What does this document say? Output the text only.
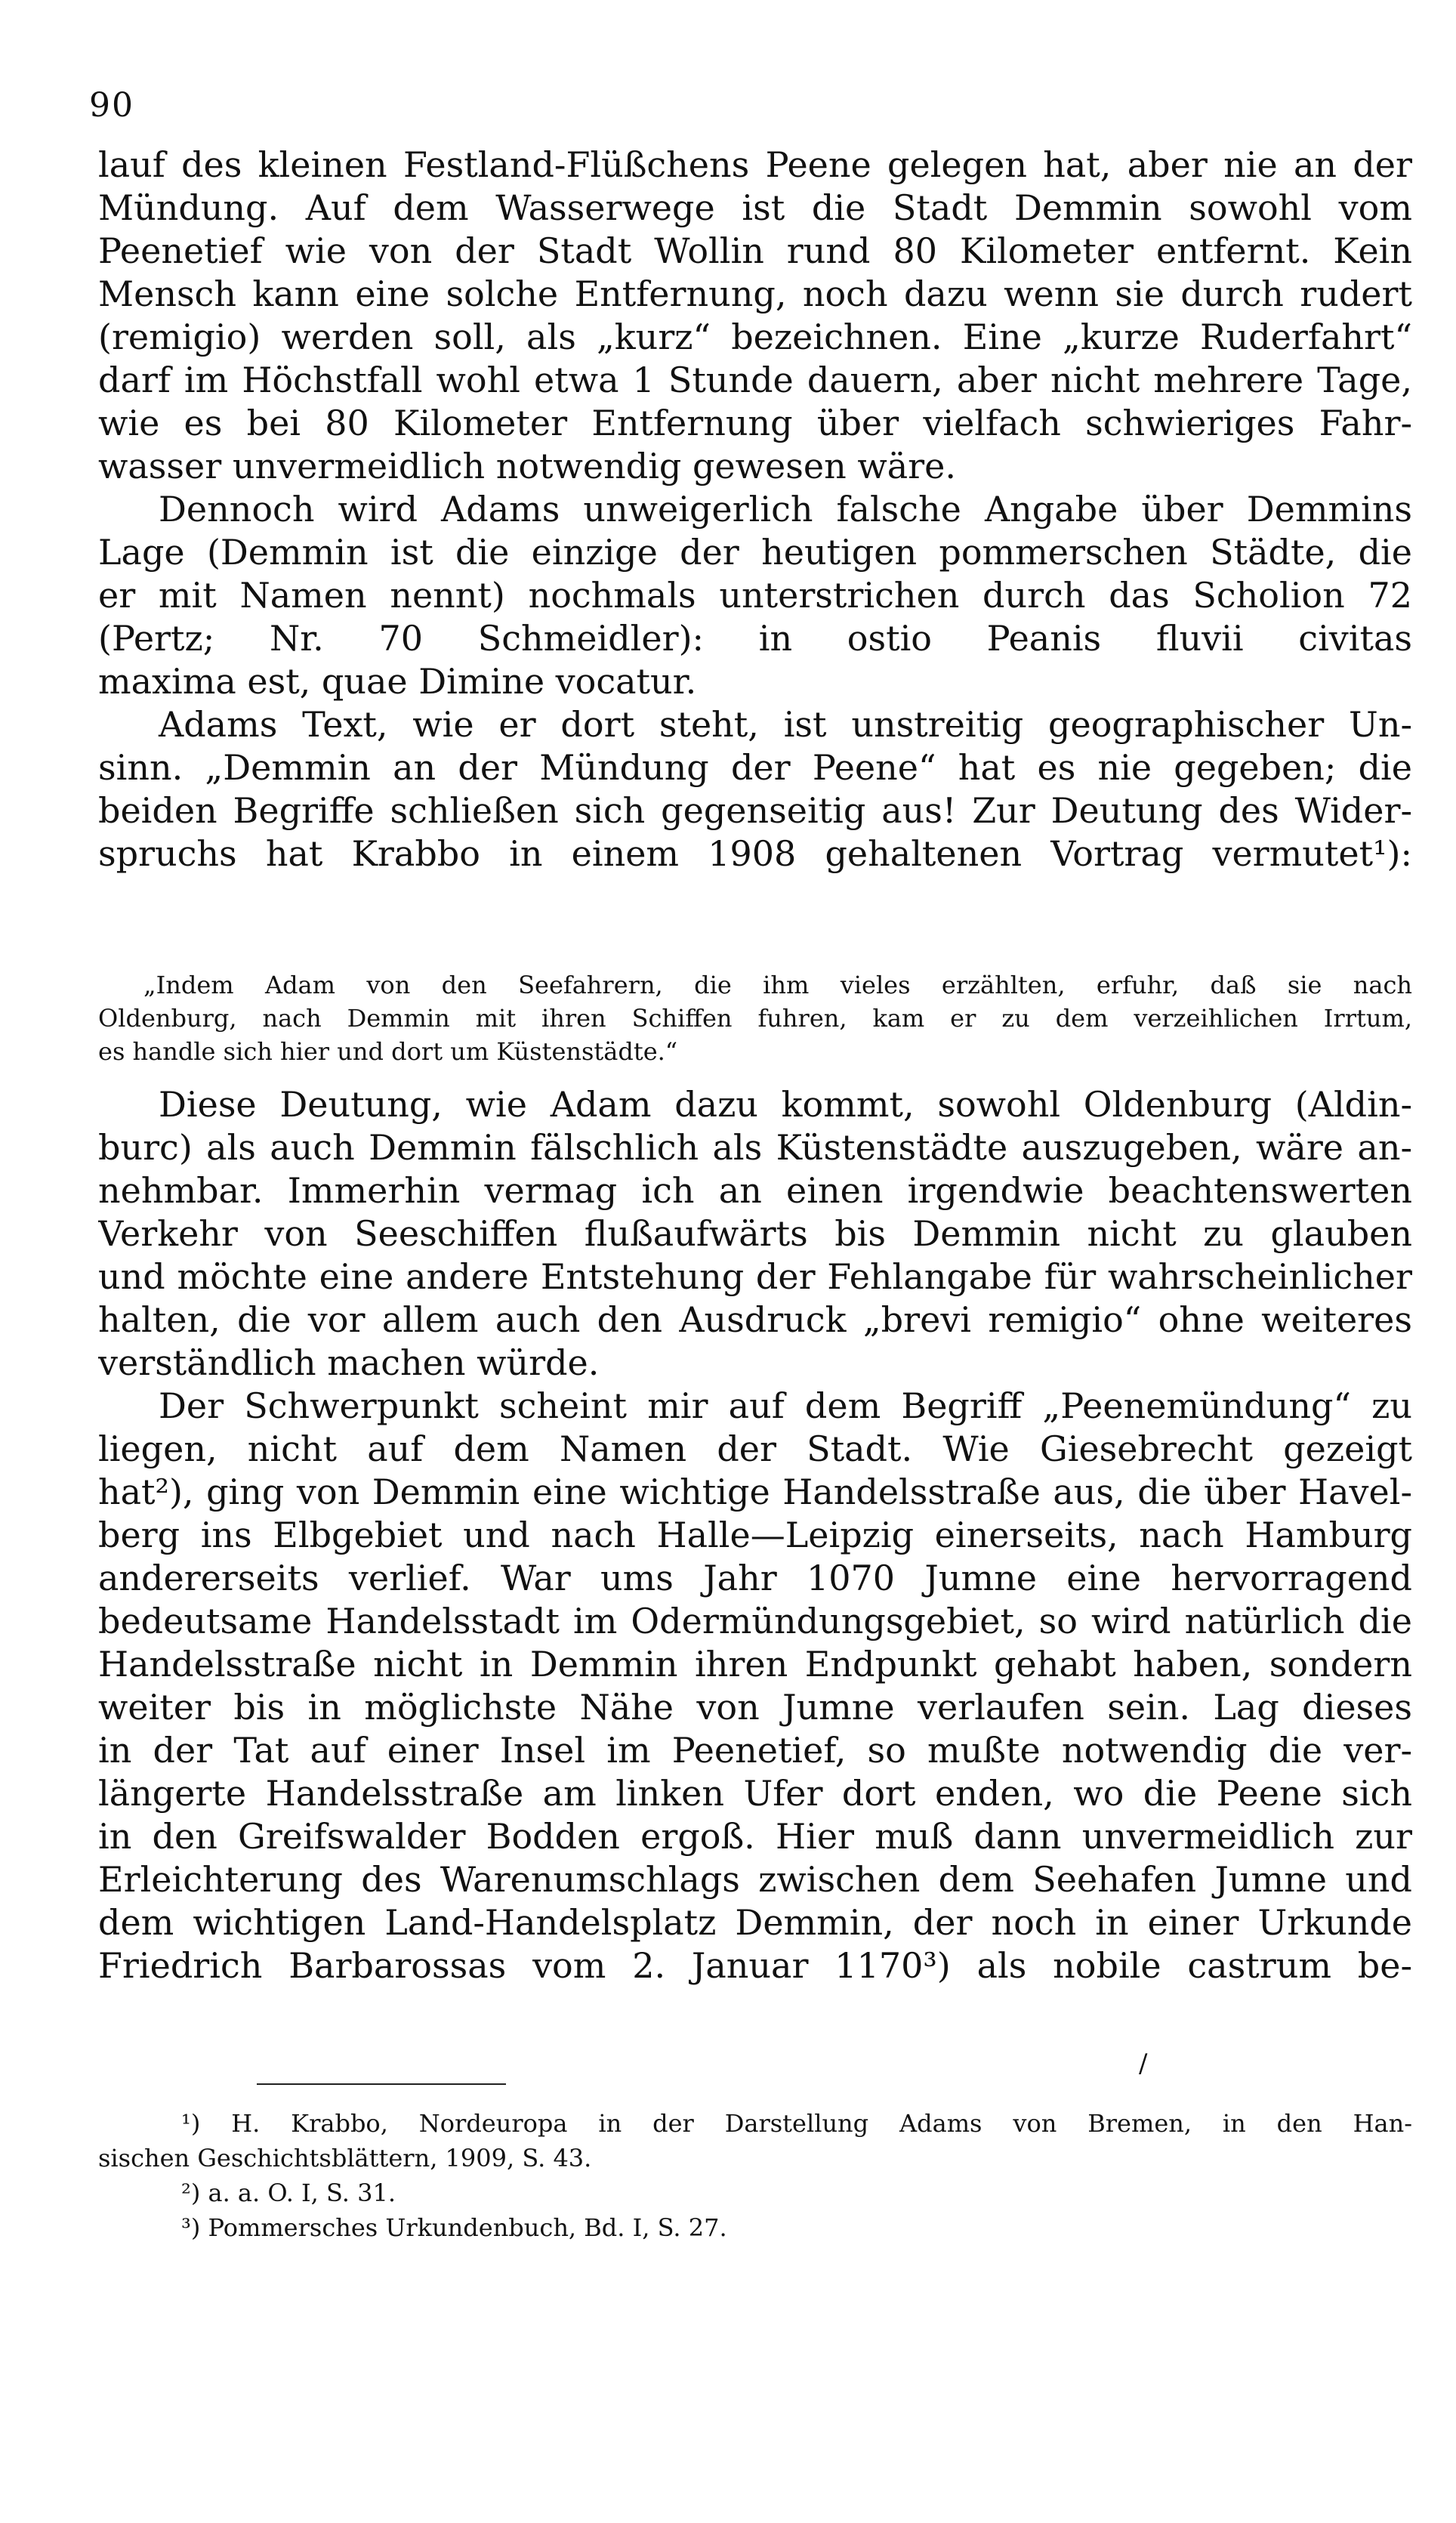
90
lauf des kleinen Festland-Flüßchens Peene gelegen hat, aber nie an der
Mündung. Auf dem Wasserwege ist die Stadt Demmin sowohl vom
Peenetief wie von der Stadt Wollin rund 80 Kilometer entfernt. Kein
Mensch kann eine solche Entfernung, noch dazu wenn sie durch rudert
(remigio) werden soll, als „kurz“ bezeichnen. Eine „kurze Ruderfahrt“
darf im Höchstfall wohl etwa 1 Stunde dauern, aber nicht mehrere Tage,
wie es bei 80 Kilometer Entfernung über vielfach schwieriges Fahr-
wasser unvermeidlich notwendig gewesen wäre.
Dennoch wird Adams unweigerlich falsche Angabe über Demmins
Lage (Demmin ist die einzige der heutigen pommerschen Städte, die
er mit Namen nennt) nochmals unterstrichen durch das Scholion 72
(Pertz; Nr. 70 Schmeidler): in ostio Peanis fluvii civitas
maxima est, quae Dimine vocatur.
Adams Text, wie er dort steht, ist unstreitig geographischer Un-
sinn. „Demmin an der Mündung der Peene“ hat es nie gegeben; die
beiden Begriffe schließen sich gegenseitig aus! Zur Deutung des Wider-
spruchs hat Krabbo in einem 1908 gehaltenen Vortrag vermutet¹):
„Indem Adam von den Seefahrern, die ihm vieles erzählten, erfuhr, daß sie nach
Oldenburg, nach Demmin mit ihren Schiffen fuhren, kam er zu dem verzeihlichen Irrtum,
es handle sich hier und dort um Küstenstädte.“
Diese Deutung, wie Adam dazu kommt, sowohl Oldenburg (Aldin-
burc) als auch Demmin fälschlich als Küstenstädte auszugeben, wäre an-
nehmbar. Immerhin vermag ich an einen irgendwie beachtenswerten
Verkehr von Seeschiffen flußaufwärts bis Demmin nicht zu glauben
und möchte eine andere Entstehung der Fehlangabe für wahrscheinlicher
halten, die vor allem auch den Ausdruck „brevi remigio“ ohne weiteres
verständlich machen würde.
Der Schwerpunkt scheint mir auf dem Begriff „Peenemündung“ zu
liegen, nicht auf dem Namen der Stadt. Wie Giesebrecht gezeigt
hat²), ging von Demmin eine wichtige Handelsstraße aus, die über Havel-
berg ins Elbgebiet und nach Halle—Leipzig einerseits, nach Hamburg
andererseits verlief. War ums Jahr 1070 Jumne eine hervorragend
bedeutsame Handelsstadt im Odermündungsgebiet, so wird natürlich die
Handelsstraße nicht in Demmin ihren Endpunkt gehabt haben, sondern
weiter bis in möglichste Nähe von Jumne verlaufen sein. Lag dieses
in der Tat auf einer Insel im Peenetief, so mußte notwendig die ver-
längerte Handelsstraße am linken Ufer dort enden, wo die Peene sich
in den Greifswalder Bodden ergoß. Hier muß dann unvermeidlich zur
Erleichterung des Warenumschlags zwischen dem Seehafen Jumne und
dem wichtigen Land-Handelsplatz Demmin, der noch in einer Urkunde
Friedrich Barbarossas vom 2. Januar 1170³) als nobile castrum be-
/
¹) H. Krabbo, Nordeuropa in der Darstellung Adams von Bremen, in den Han-
sischen Geschichtsblättern, 1909, S. 43.
²) a. a. O. I, S. 31.
³) Pommersches Urkundenbuch, Bd. I, S. 27.
